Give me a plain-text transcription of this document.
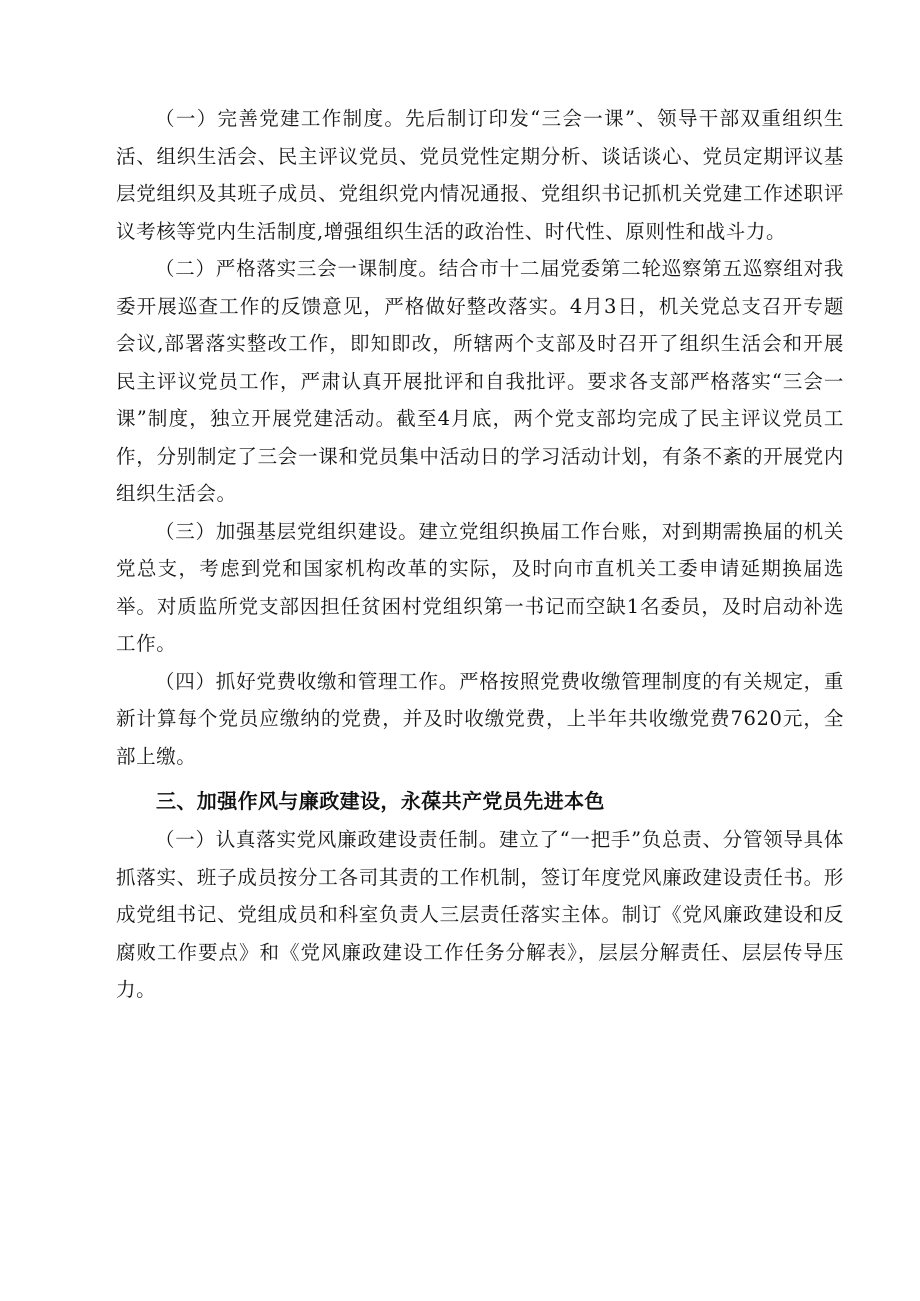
（一）完善党建工作制度。先后制订印发“三会一课”、领导干部双重组织生活、组织生活会、民主评议党员、党员党性定期分析、谈话谈心、党员定期评议基层党组织及其班子成员、党组织党内情况通报、党组织书记抓机关党建工作述职评议考核等党内生活制度,增强组织生活的政治性、时代性、原则性和战斗力。

（二）严格落实三会一课制度。结合市十二届党委第二轮巡察第五巡察组对我委开展巡查工作的反馈意见，严格做好整改落实。4月3日，机关党总支召开专题会议,部署落实整改工作，即知即改，所辖两个支部及时召开了组织生活会和开展民主评议党员工作，严肃认真开展批评和自我批评。要求各支部严格落实“三会一课”制度，独立开展党建活动。截至4月底，两个党支部均完成了民主评议党员工作，分别制定了三会一课和党员集中活动日的学习活动计划，有条不紊的开展党内组织生活会。

（三）加强基层党组织建设。建立党组织换届工作台账，对到期需换届的机关党总支，考虑到党和国家机构改革的实际，及时向市直机关工委申请延期换届选举。对质监所党支部因担任贫困村党组织第一书记而空缺1名委员，及时启动补选工作。

（四）抓好党费收缴和管理工作。严格按照党费收缴管理制度的有关规定，重新计算每个党员应缴纳的党费，并及时收缴党费，上半年共收缴党费7620元，全部上缴。

三、加强作风与廉政建设，永葆共产党员先进本色

（一）认真落实党风廉政建设责任制。建立了“一把手”负总责、分管领导具体抓落实、班子成员按分工各司其责的工作机制，签订年度党风廉政建设责任书。形成党组书记、党组成员和科室负责人三层责任落实主体。制订《党风廉政建设和反腐败工作要点》和《党风廉政建设工作任务分解表》，层层分解责任、层层传导压力。
